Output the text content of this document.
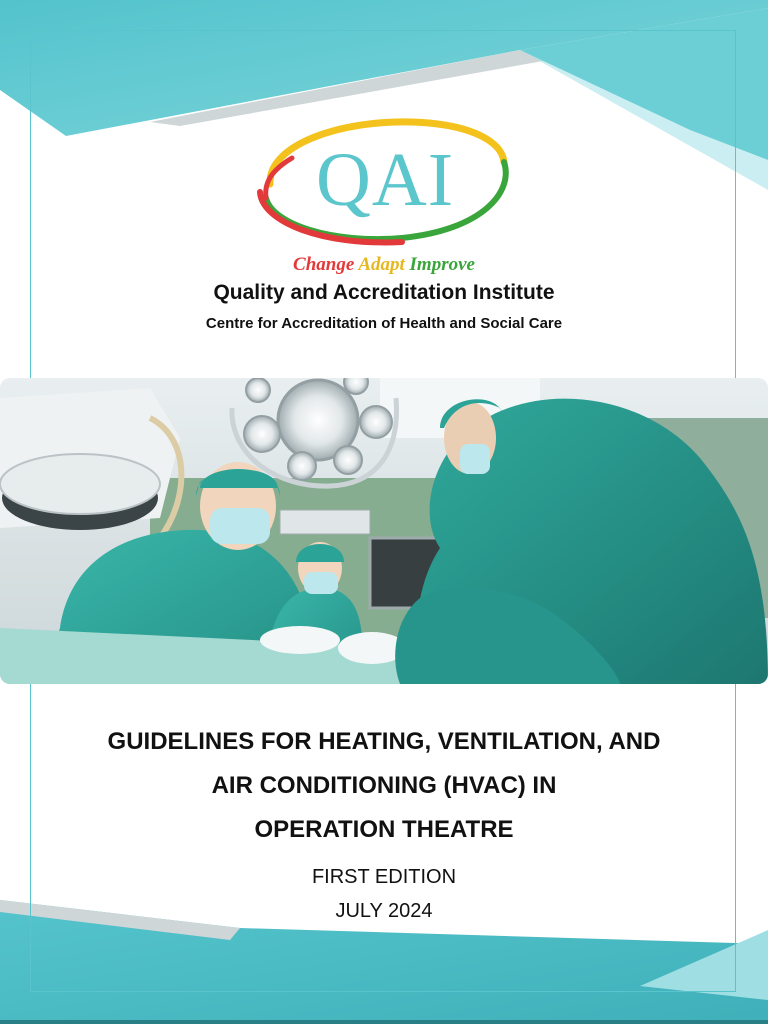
QAI
Change Adapt Improve
Quality and Accreditation Institute
Centre for Accreditation of Health and Social Care
GUIDELINES FOR HEATING, VENTILATION, AND
AIR CONDITIONING (HVAC) IN
OPERATION THEATRE
FIRST EDITION
JULY 2024
